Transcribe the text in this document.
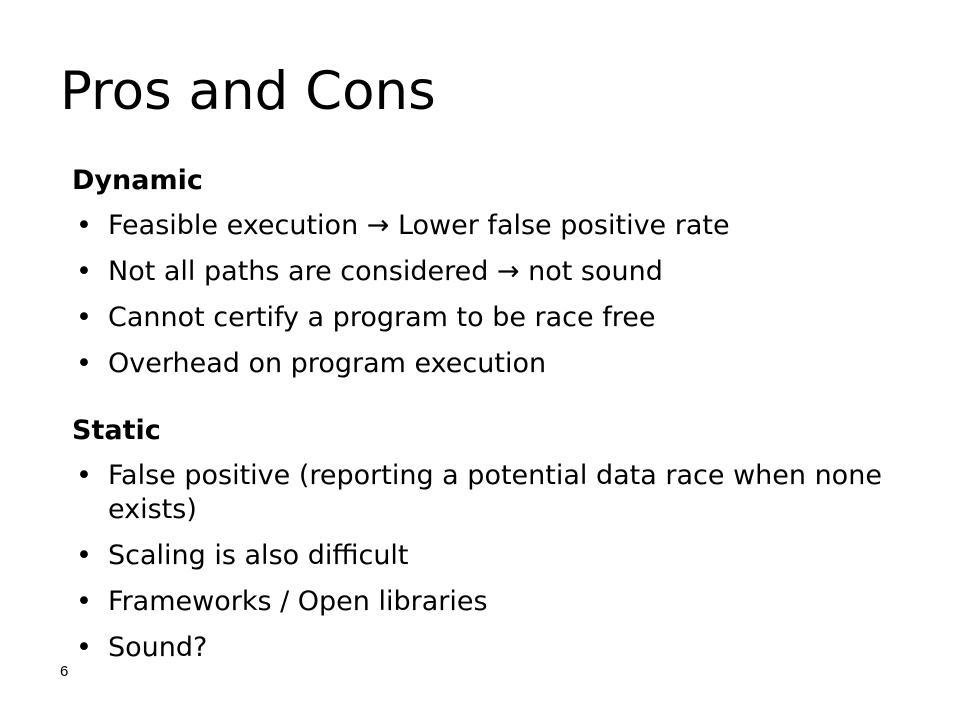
Pros and Cons
Dynamic
• Feasible execution → Lower false positive rate
• Not all paths are considered → not sound
• Cannot certify a program to be race free
• Overhead on program execution
Static
• False positive (reporting a potential data race when none exists)
• Scaling is also difficult
• Frameworks / Open libraries
• Sound?
6
